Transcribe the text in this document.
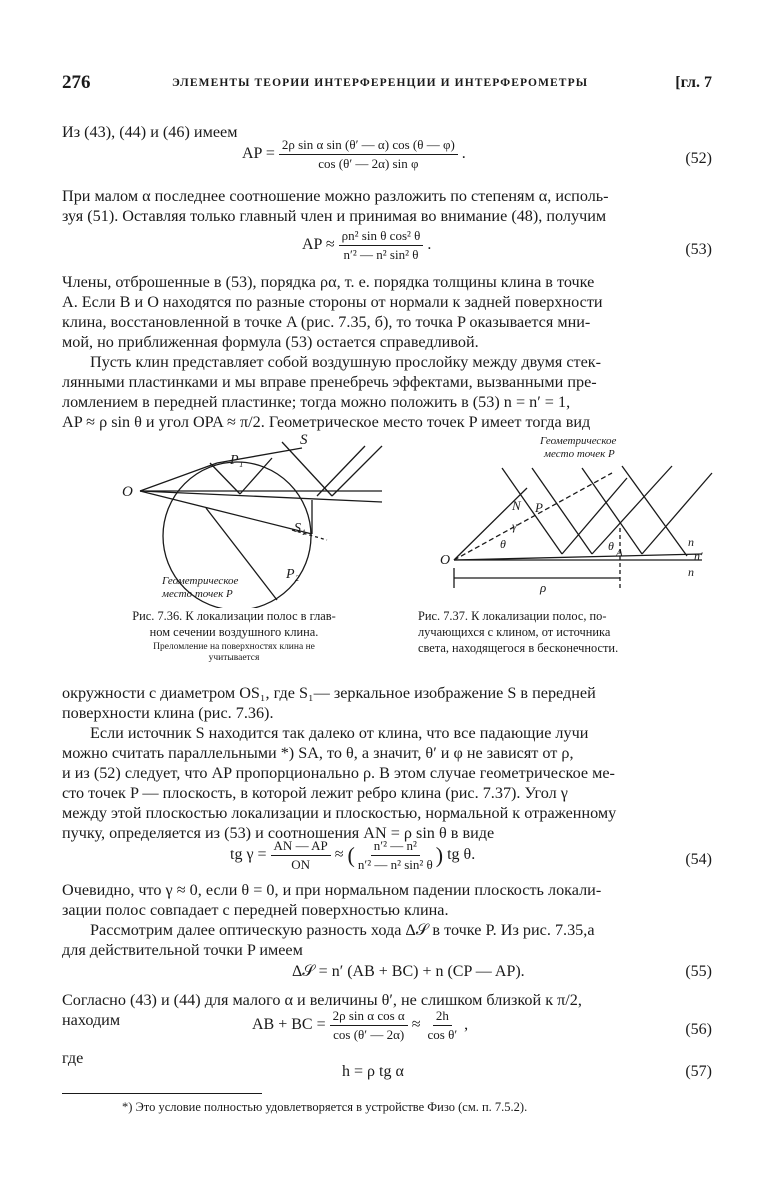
276	ЭЛЕМЕНТЫ ТЕОРИИ ИНТЕРФЕРЕНЦИИ И ИНТЕРФЕРОМЕТРЫ	[гл. 7
Из (43), (44) и (46) имеем
AP = $\frac{\text{2ρ sin α sin (θ′ — α) cos (θ — φ)}}{\text{cos (θ′ — 2α) sin φ}}$ .	(52)
При малом α последнее соотношение можно разложить по степеням α, исполь-
зуя (51). Оставляя только главный член и принимая во внимание (48), получим
AP ≈ $\frac{\text{ρn² sin θ cos² θ}}{\text{n′² — n² sin² θ}}$ .	(53)
Члены, отброшенные в (53), порядка ρα, т. е. порядка толщины клина в точке
A. Если B и O находятся по разные стороны от нормали к задней поверхности
клина, восстановленной в точке A (рис. 7.35, б), то точка P оказывается мни-
мой, но приближенная формула (53) остается справедливой.
Пусть клин представляет собой воздушную прослойку между двумя стек-
лянными пластинками и мы вправе пренебречь эффектами, вызванными пре-
ломлением в передней пластинке; тогда можно положить в (53) n = n′ = 1,
AP ≈ ρ sin θ и угол OPA ≈ π/2. Геометрическое место точек P имеет тогда вид
S
P₁
O
S₁
P₂
Геометрическое
место точек P
Рис. 7.36. К локализации полос в глав-
ном сечении воздушного клина.
Преломление на поверхностях клина не
учитывается
Геометрическое
место точек P
N P
γ
θ	θ A
O
ρ
n
n′
n
Рис. 7.37. К локализации полос, по-
лучающихся с клином, от источника
света, находящегося в бесконечности.
окружности с диаметром OS₁, где S₁— зеркальное изображение S в передней
поверхности клина (рис. 7.36).
Если источник S находится так далеко от клина, что все падающие лучи
можно считать параллельными *) SA, то θ, а значит, θ′ и φ не зависят от ρ,
и из (52) следует, что AP пропорционально ρ. В этом случае геометрическое ме-
сто точек P — плоскость, в которой лежит ребро клина (рис. 7.37). Угол γ
между этой плоскостью локализации и плоскостью, нормальной к отраженному
пучку, определяется из (53) и соотношения AN = ρ sin θ в виде
tg $\gamma = \frac{AN — AP}{ON}$ ≈ ( $\frac{\text{n′² — n²}}{\text{n′² — n² sin² θ}}$ ) tg θ.	(54)
Очевидно, что γ ≈ 0, если θ = 0, и при нормальном падении плоскость локали-
зации полос совпадает с передней поверхностью клина.
Рассмотрим далее оптическую разность хода Δ𝒮 в точке P. Из рис. 7.35,а
для действительной точки P имеем
Δ𝒮 = n′ (AB + BC) + n (CP — AP).	(55)
Согласно (43) и (44) для малого α и величины θ′, не слишком близкой к π/2,
находим	AB + BC = $\frac{\text{2ρ sin α cos α}}{\cos (\theta' — 2\alpha)} \approx \frac{2h}{\text{cos θ′}}$ ,	(56)
где
h = ρ tg α	(57)
*) Это условие полностью удовлетворяется в устройстве Физо (см. п. 7.5.2).
